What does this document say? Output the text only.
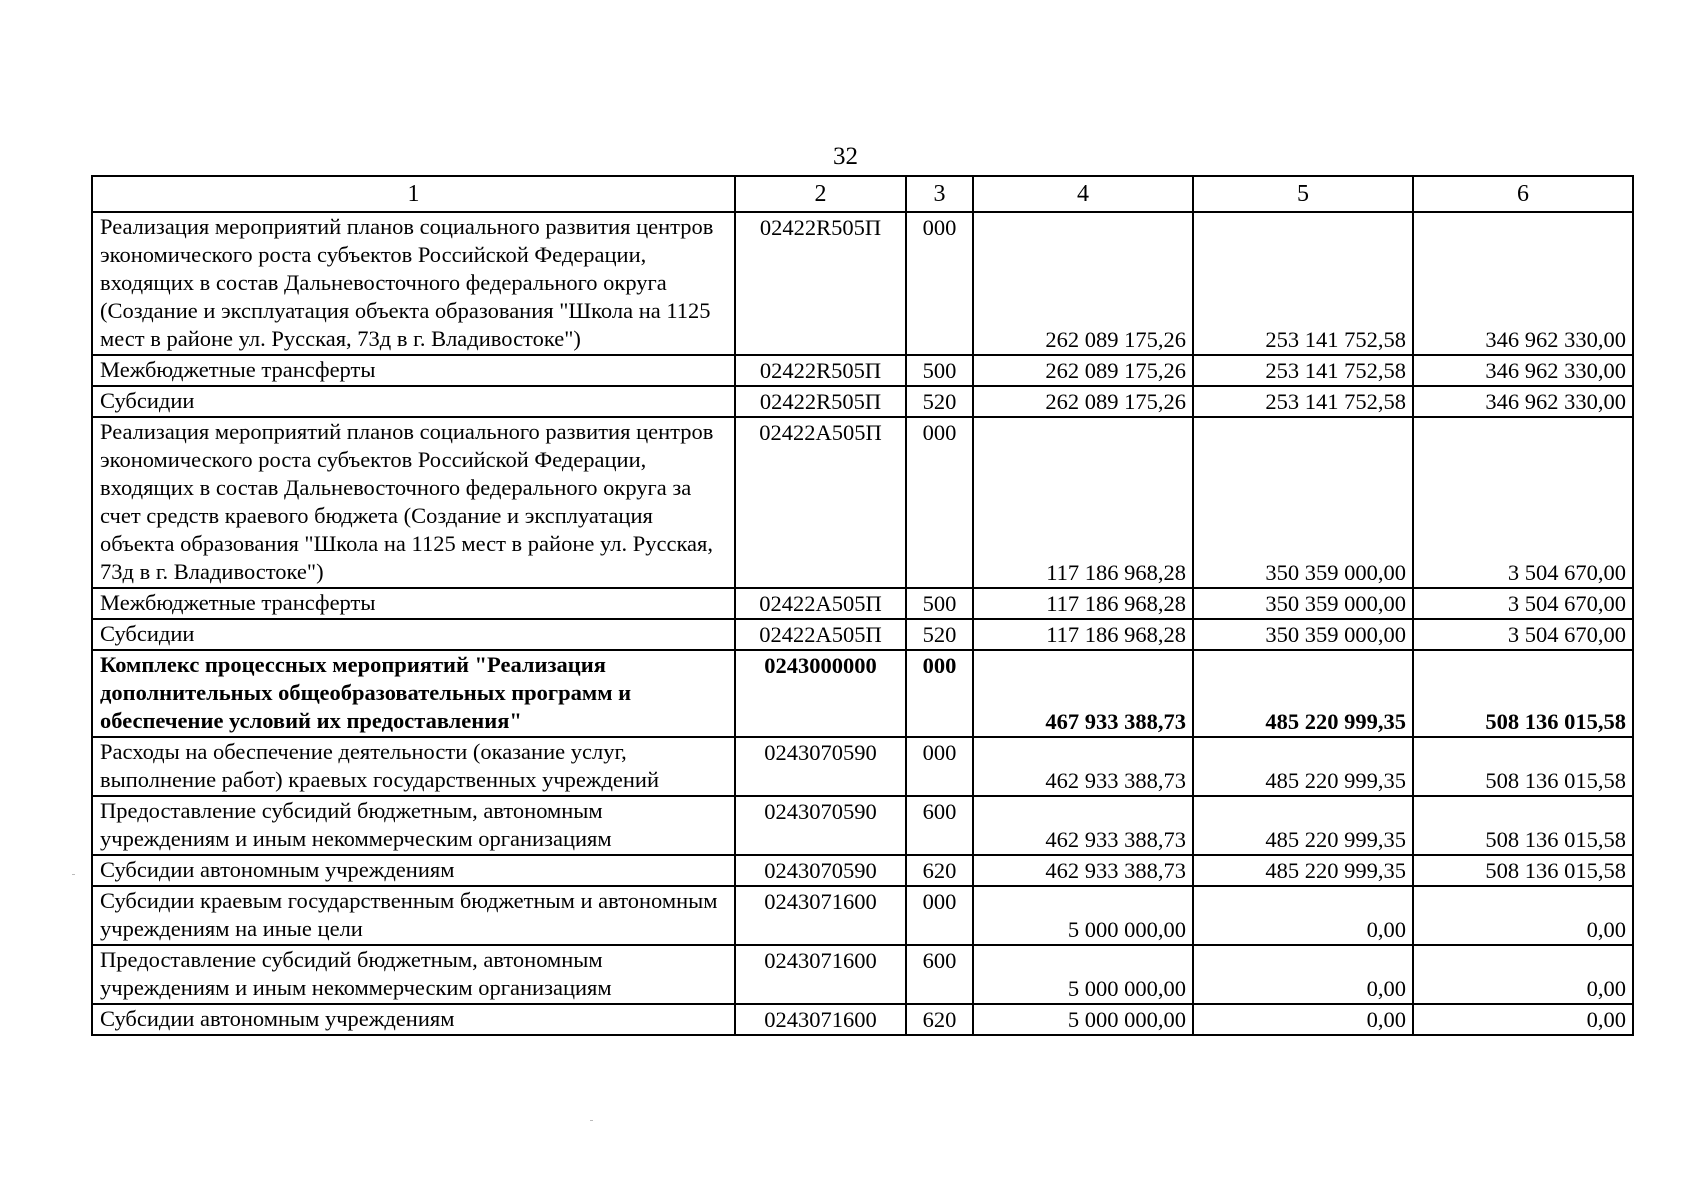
32
1	2	3	4	5	6
Реализация мероприятий планов социального развития центров экономического роста субъектов Российской Федерации, входящих в состав Дальневосточного федерального округа (Создание и эксплуатация объекта образования "Школа на 1125 мест в районе ул. Русская, 73д в г. Владивостоке")	02422R505П	000	262 089 175,26	253 141 752,58	346 962 330,00
Межбюджетные трансферты	02422R505П	500	262 089 175,26	253 141 752,58	346 962 330,00
Субсидии	02422R505П	520	262 089 175,26	253 141 752,58	346 962 330,00
Реализация мероприятий планов социального развития центров экономического роста субъектов Российской Федерации, входящих в состав Дальневосточного федерального округа за счет средств краевого бюджета (Создание и эксплуатация объекта образования "Школа на 1125 мест в районе ул. Русская, 73д в г. Владивостоке")	02422А505П	000	117 186 968,28	350 359 000,00	3 504 670,00
Межбюджетные трансферты	02422А505П	500	117 186 968,28	350 359 000,00	3 504 670,00
Субсидии	02422А505П	520	117 186 968,28	350 359 000,00	3 504 670,00
Комплекс процессных мероприятий "Реализация дополнительных общеобразовательных программ и обеспечение условий их предоставления"	0243000000	000	467 933 388,73	485 220 999,35	508 136 015,58
Расходы на обеспечение деятельности (оказание услуг, выполнение работ) краевых государственных учреждений	0243070590	000	462 933 388,73	485 220 999,35	508 136 015,58
Предоставление субсидий бюджетным, автономным учреждениям и иным некоммерческим организациям	0243070590	600	462 933 388,73	485 220 999,35	508 136 015,58
Субсидии автономным учреждениям	0243070590	620	462 933 388,73	485 220 999,35	508 136 015,58
Субсидии краевым государственным бюджетным и автономным учреждениям на иные цели	0243071600	000	5 000 000,00	0,00	0,00
Предоставление субсидий бюджетным, автономным учреждениям и иным некоммерческим организациям	0243071600	600	5 000 000,00	0,00	0,00
Субсидии автономным учреждениям	0243071600	620	5 000 000,00	0,00	0,00
